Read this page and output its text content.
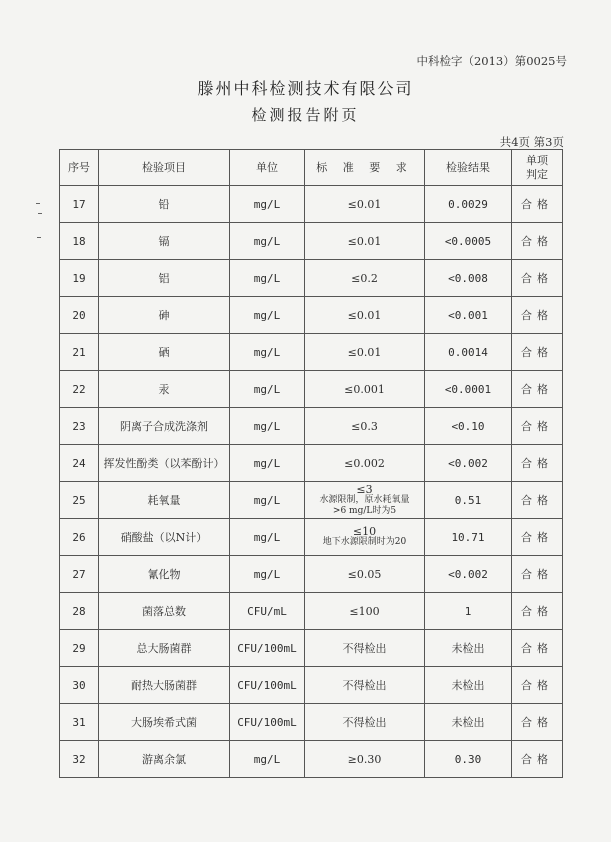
中科检字（2013）第0025号
滕州中科检测技术有限公司
检测报告附页
共4页 第3页
序号	检验项目	单位	标 准 要 求	检验结果	单项
判定
17	铅	mg/L	≤0.01	0.0029	合格
18	镉	mg/L	≤0.01	<0.0005	合格
19	铝	mg/L	≤0.2	<0.008	合格
20	砷	mg/L	≤0.01	<0.001	合格
21	硒	mg/L	≤0.01	0.0014	合格
22	汞	mg/L	≤0.001	<0.0001	合格
23	阴离子合成洗涤剂	mg/L	≤0.3	<0.10	合格
24	挥发性酚类（以苯酚计）	mg/L	≤0.002	<0.002	合格
25	耗氧量	mg/L	≤3
水源限制，原水耗氧量
>6 mg/L时为5	0.51	合格
26	硝酸盐（以N计）	mg/L	≤10
地下水源限制时为20	10.71	合格
27	氰化物	mg/L	≤0.05	<0.002	合格
28	菌落总数	CFU/mL	≤100	1	合格
29	总大肠菌群	CFU/100mL	不得检出	未检出	合格
30	耐热大肠菌群	CFU/100mL	不得检出	未检出	合格
31	大肠埃希式菌	CFU/100mL	不得检出	未检出	合格
32	游离余氯	mg/L	≥0.30	0.30	合格
